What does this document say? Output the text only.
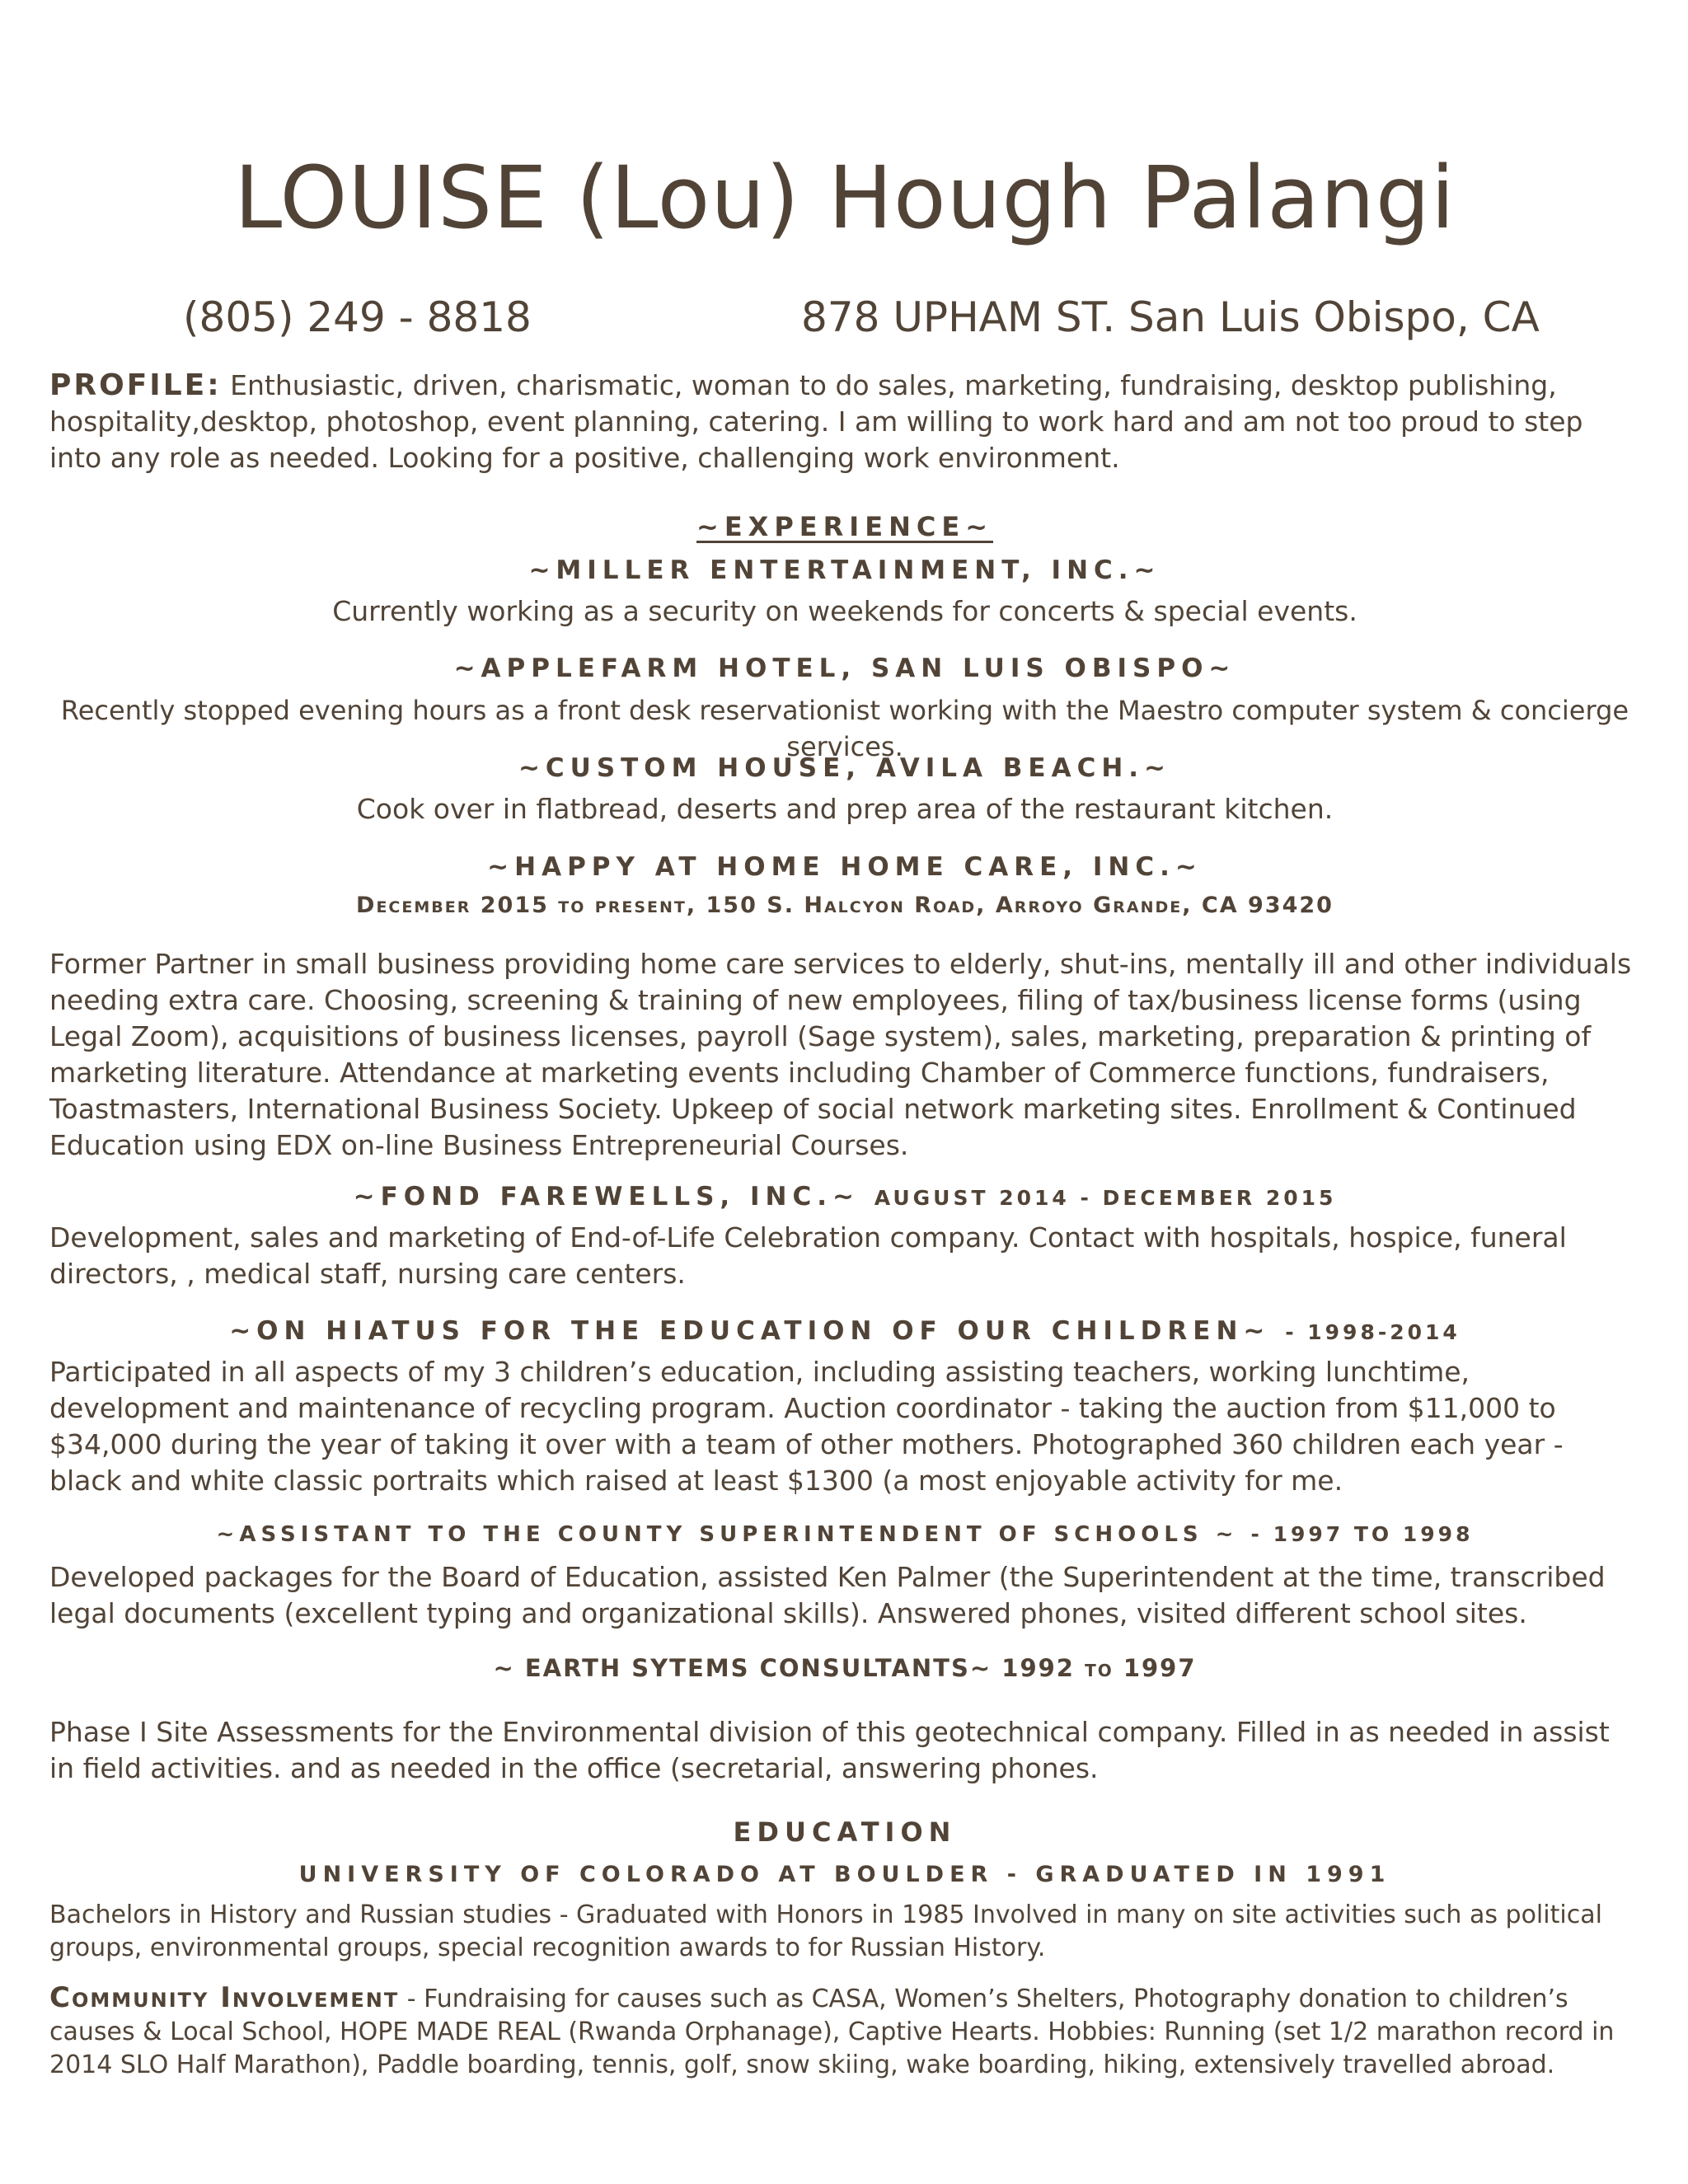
LOUISE (Lou) Hough Palangi
(805) 249 - 8818	878 UPHAM ST. San Luis Obispo, CA
PROFILE: Enthusiastic, driven, charismatic, woman to do sales, marketing, fundraising, desktop publishing, hospitality,desktop, photoshop, event planning, catering. I am willing to work hard and am not too proud to step into any role as needed. Looking for a positive, challenging work environment.
~EXPERIENCE~
~MILLER ENTERTAINMENT, INC.~
Currently working as a security on weekends for concerts & special events.
~APPLEFARM HOTEL, SAN LUIS OBISPO~
Recently stopped evening hours as a front desk reservationist working with the Maestro computer system & concierge services.
~CUSTOM HOUSE, AVILA BEACH.~
Cook over in flatbread, deserts and prep area of the restaurant kitchen.
~HAPPY AT HOME HOME CARE, INC.~
December 2015 to present, 150 S. Halcyon Road, Arroyo Grande, CA 93420
Former Partner in small business providing home care services to elderly, shut-ins, mentally ill and other individuals needing extra care. Choosing, screening & training of new employees, filing of tax/business license forms (using Legal Zoom), acquisitions of business licenses, payroll (Sage system), sales, marketing, preparation & printing of marketing literature. Attendance at marketing events including Chamber of Commerce functions, fundraisers, Toastmasters, International Business Society. Upkeep of social network marketing sites. Enrollment & Continued Education using EDX on-line Business Entrepreneurial Courses.
~FOND FAREWELLS, INC.~ AUGUST 2014 - DECEMBER 2015
Development, sales and marketing of End-of-Life Celebration company. Contact with hospitals, hospice, funeral directors, , medical staff, nursing care centers.
~ON HIATUS FOR THE EDUCATION OF OUR CHILDREN~ - 1998-2014
Participated in all aspects of my 3 children’s education, including assisting teachers, working lunchtime, development and maintenance of recycling program. Auction coordinator - taking the auction from $11,000 to $34,000 during the year of taking it over with a team of other mothers. Photographed 360 children each year - black and white classic portraits which raised at least $1300 (a most enjoyable activity for me.
~ASSISTANT TO THE COUNTY SUPERINTENDENT OF SCHOOLS ~ - 1997 TO 1998
Developed packages for the Board of Education, assisted Ken Palmer (the Superintendent at the time, transcribed legal documents (excellent typing and organizational skills). Answered phones, visited different school sites.
~ EARTH SYTEMS CONSULTANTS~ 1992 to 1997
Phase I Site Assessments for the Environmental division of this geotechnical company. Filled in as needed in assist in field activities. and as needed in the office (secretarial, answering phones.
EDUCATION
UNIVERSITY OF COLORADO AT BOULDER - GRADUATED IN 1991
Bachelors in History and Russian studies - Graduated with Honors in 1985 Involved in many on site activities such as political groups, environmental groups, special recognition awards to for Russian History.
Community Involvement - Fundraising for causes such as CASA, Women’s Shelters, Photography donation to children’s causes & Local School, HOPE MADE REAL (Rwanda Orphanage), Captive Hearts. Hobbies: Running (set 1/2 marathon record in 2014 SLO Half Marathon), Paddle boarding, tennis, golf, snow skiing, wake boarding, hiking, extensively travelled abroad.
